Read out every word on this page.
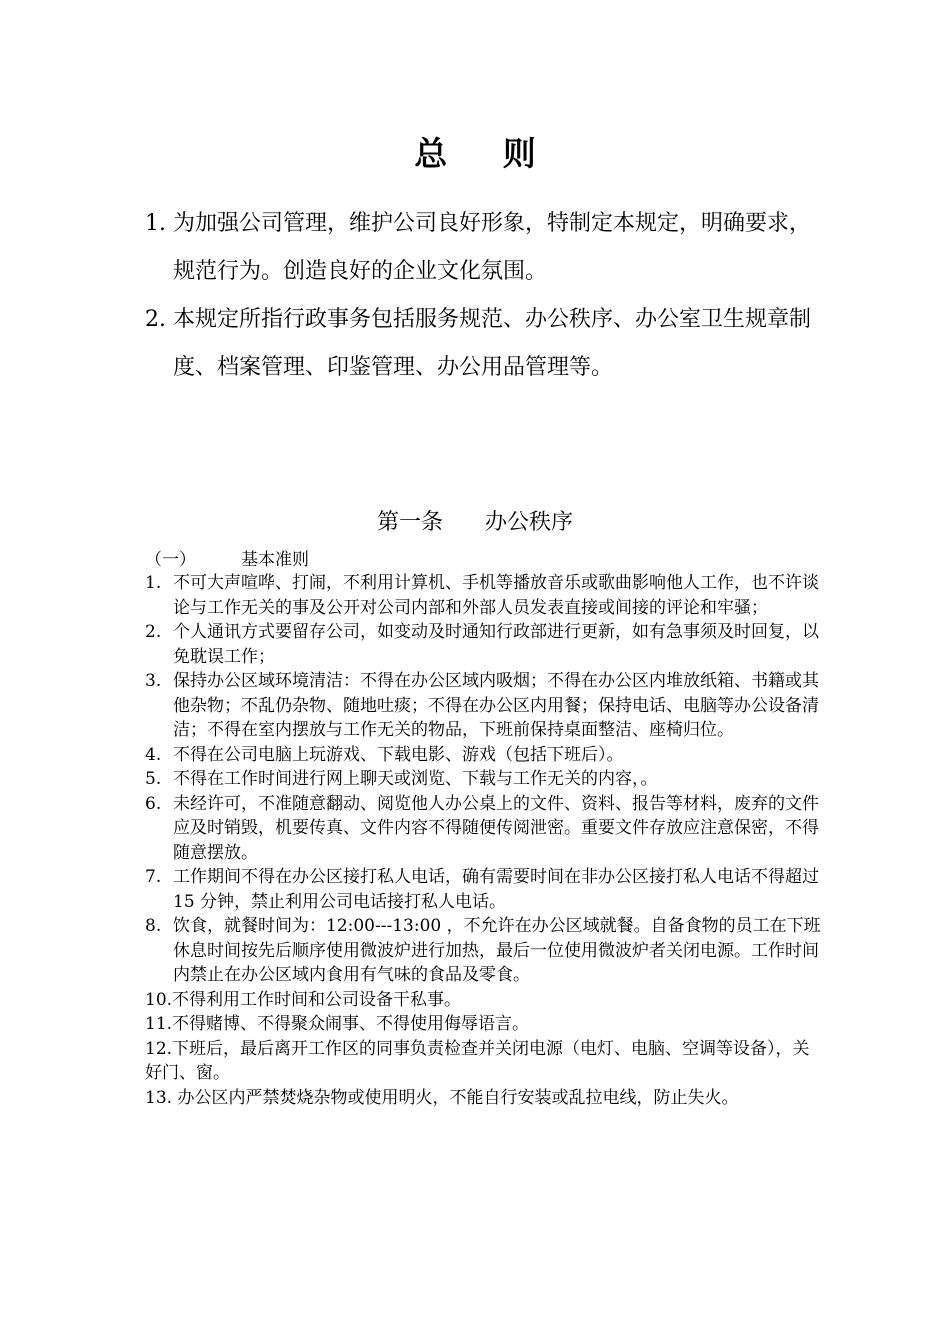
总 则
1. 为加强公司管理，维护公司良好形象，特制定本规定，明确要求，规范行为。创造良好的企业文化氛围。
2. 本规定所指行政事务包括服务规范、办公秩序、办公室卫生规章制度、档案管理、印鉴管理、办公用品管理等。
第一条 办公秩序
（一）	基本准则
1. 不可大声喧哗、打闹，不利用计算机、手机等播放音乐或歌曲影响他人工作，也不许谈论与工作无关的事及公开对公司内部和外部人员发表直接或间接的评论和牢骚；
2. 个人通讯方式要留存公司，如变动及时通知行政部进行更新，如有急事须及时回复，以免耽误工作；
3. 保持办公区域环境清洁：不得在办公区域内吸烟；不得在办公区内堆放纸箱、书籍或其他杂物；不乱仍杂物、随地吐痰；不得在办公区内用餐；保持电话、电脑等办公设备清洁；不得在室内摆放与工作无关的物品，下班前保持桌面整洁、座椅归位。
4. 不得在公司电脑上玩游戏、下载电影、游戏（包括下班后）。
5. 不得在工作时间进行网上聊天或浏览、下载与工作无关的内容，。
6. 未经许可，不准随意翻动、阅览他人办公桌上的文件、资料、报告等材料，废弃的文件应及时销毁，机要传真、文件内容不得随便传阅泄密。重要文件存放应注意保密，不得随意摆放。
7. 工作期间不得在办公区接打私人电话，确有需要时间在非办公区接打私人电话不得超过 15 分钟，禁止利用公司电话接打私人电话。
8. 饮食，就餐时间为：12:00---13:00 ，不允许在办公区域就餐。自备食物的员工在下班休息时间按先后顺序使用微波炉进行加热，最后一位使用微波炉者关闭电源。工作时间内禁止在办公区域内食用有气味的食品及零食。
10.不得利用工作时间和公司设备干私事。
11.不得赌博、不得聚众闹事、不得使用侮辱语言。
12.下班后，最后离开工作区的同事负责检查并关闭电源（电灯、电脑、空调等设备），关好门、窗。
13. 办公区内严禁焚烧杂物或使用明火，不能自行安装或乱拉电线，防止失火。
